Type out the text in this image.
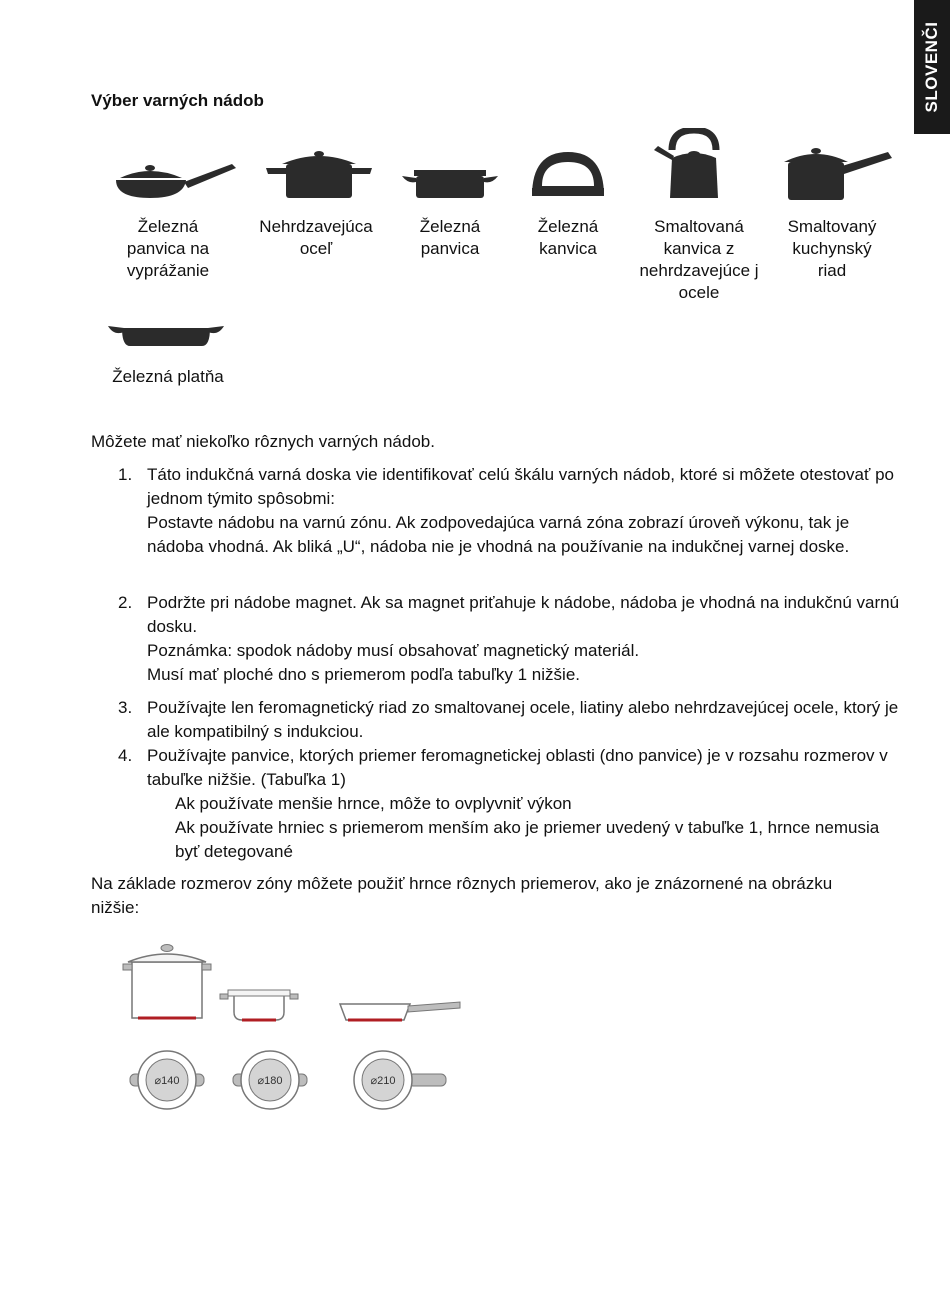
SLOVENČI
Výber varných nádob
Železná panvica na vyprážanie
Nehrdzavejúca oceľ
Železná panvica
Železná kanvica
Smaltovaná kanvica z nehrdzavejúce j ocele
Smaltovaný kuchynský riad
Železná platňa
Môžete mať niekoľko rôznych varných nádob.
1. Táto indukčná varná doska vie identifikovať celú škálu varných nádob, ktoré si môžete otestovať po jednom týmito spôsobmi:

Postavte nádobu na varnú zónu. Ak zodpovedajúca varná zóna zobrazí úroveň výkonu, tak je nádoba vhodná. Ak bliká „U“, nádoba nie je vhodná na používanie na indukčnej varnej doske.

2. Podržte pri nádobe magnet. Ak sa magnet priťahuje k nádobe, nádoba je vhodná na indukčnú varnú dosku.

Poznámka: spodok nádoby musí obsahovať magnetický materiál.

Musí mať ploché dno s priemerom podľa tabuľky 1 nižšie.

3. Používajte len feromagnetický riad zo smaltovanej ocele, liatiny alebo nehrdzavejúcej ocele, ktorý je ale kompatibilný s indukciou.

4. Používajte panvice, ktorých priemer feromagnetickej oblasti (dno panvice) je v rozsahu rozmerov v tabuľke nižšie. (Tabuľka 1)

Ak používate menšie hrnce, môže to ovplyvniť výkon

Ak používate hrniec s priemerom menším ako je priemer uvedený v tabuľke 1, hrnce nemusia byť detegované

Na základe rozmerov zóny môžete použiť hrnce rôznych priemerov, ako je znázornené na obrázku nižšie:
⌀140	⌀180	⌀210
